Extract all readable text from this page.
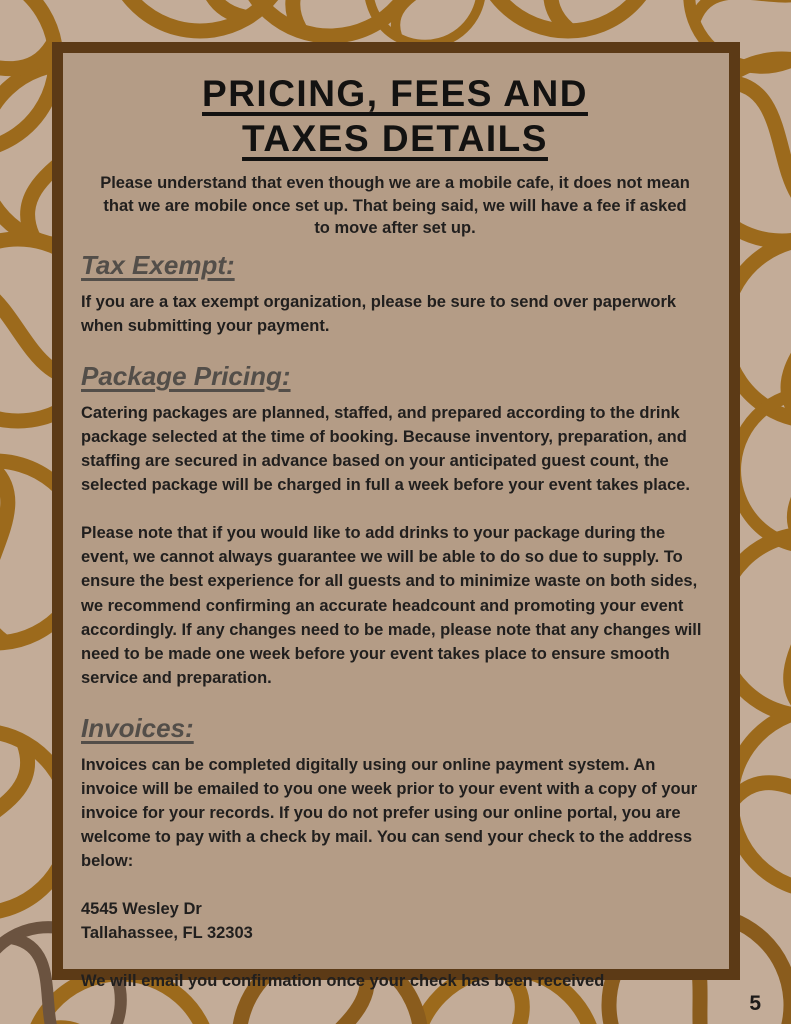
PRICING, FEES AND
TAXES DETAILS

Please understand that even though we are a mobile cafe, it does not mean that we are mobile once set up. That being said, we will have a fee if asked to move after set up.

Tax Exempt:

If you are a tax exempt organization, please be sure to send over paperwork when submitting your payment.

Package Pricing:

Catering packages are planned, staffed, and prepared according to the drink package selected at the time of booking. Because inventory, preparation, and staffing are secured in advance based on your anticipated guest count, the selected package will be charged in full a week before your event takes place.

Please note that if you would like to add drinks to your package during the event, we cannot always guarantee we will be able to do so due to supply. To ensure the best experience for all guests and to minimize waste on both sides, we recommend confirming an accurate headcount and promoting your event accordingly. If any changes need to be made, please note that any changes will need to be made one week before your event takes place to ensure smooth service and preparation.

Invoices:

Invoices can be completed digitally using our online payment system. An invoice will be emailed to you one week prior to your event with a copy of your invoice for your records. If you do not prefer using our online portal, you are welcome to pay with a check by mail. You can send your check to the address below:

4545 Wesley Dr
Tallahassee, FL 32303

We will email you confirmation once your check has been received

5
